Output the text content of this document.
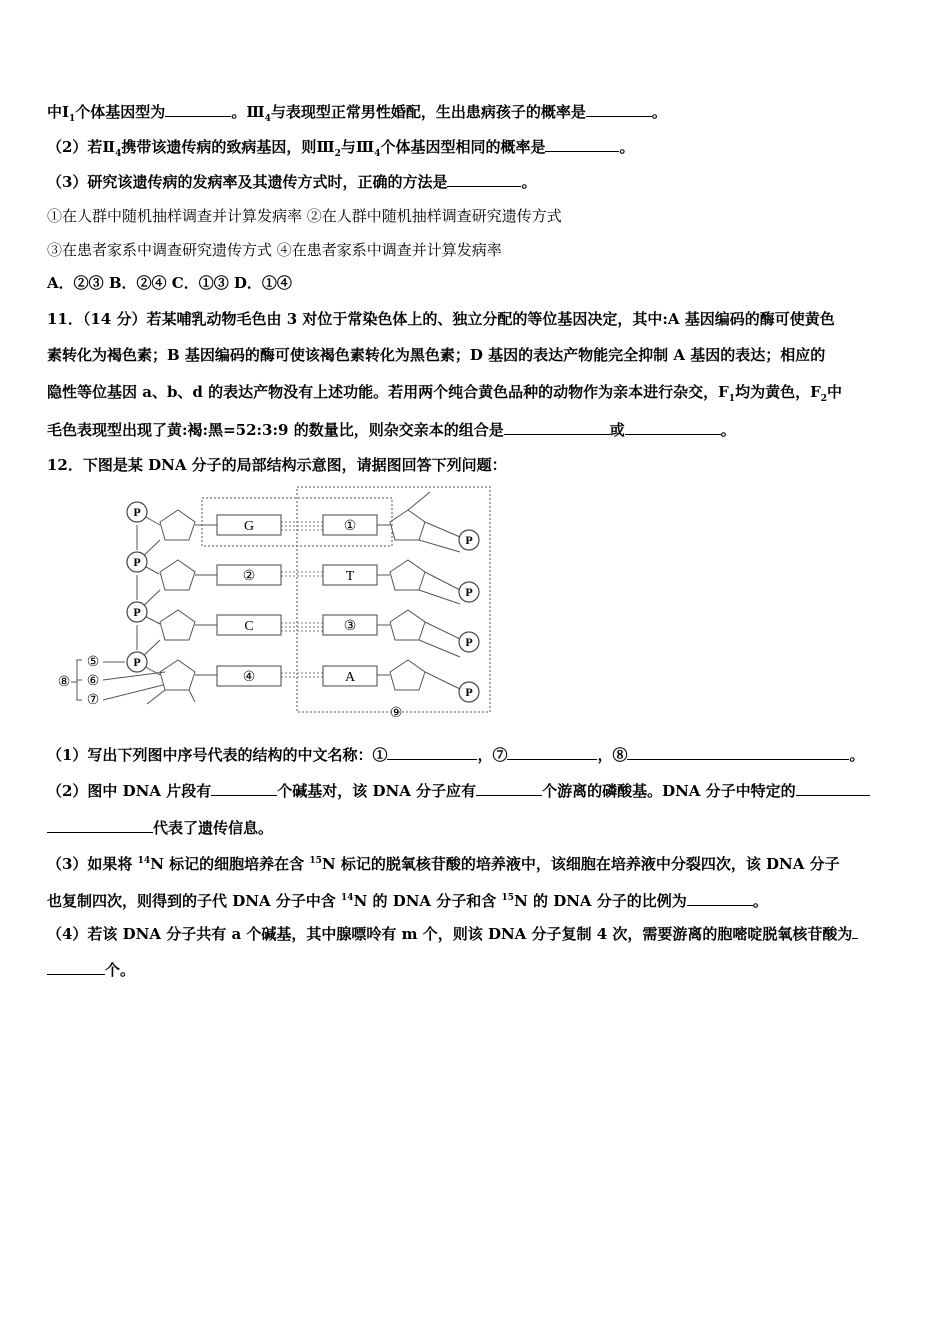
中$Ⅰ_1$个体基因型为	。$Ⅲ_4$与表现型正常男性婚配，生出患病孩子的概率是	。
（2）若$Ⅱ_4$携带该遗传病的致病基因，则$Ⅲ_2$与$Ⅲ_4$个体基因型相同的概率是	。
（3）研究该遗传病的发病率及其遗传方式时，正确的方法是	。
①在人群中随机抽样调查并计算发病率 ②在人群中随机抽样调查研究遗传方式
③在患者家系中调查研究遗传方式 ④在患者家系中调查并计算发病率
A．②③ B．②④ C．①③ D．①④
11．（14 分）若某哺乳动物毛色由 3 对位于常染色体上的、独立分配的等位基因决定，其中:A 基因编码的酶可使黄色
素转化为褐色素；B 基因编码的酶可使该褐色素转化为黑色素；D 基因的表达产物能完全抑制 A 基因的表达；相应的
隐性等位基因 a、b、d 的表达产物没有上述功能。若用两个纯合黄色品种的动物作为亲本进行杂交，$F_1$均为黄色，$F_2$中
毛色表现型出现了黄:褐:黑=52:3:9 的数量比，则杂交亲本的组合是	或	。
12．下图是某 DNA 分子的局部结构示意图，请据图回答下列问题：
P
P
P
P
P
P
P
P
G
②
C
④
①
T
③
A
⑤
⑥
⑦
⑧
⑨
（1）写出下列图中序号代表的结构的中文名称：①	，⑦	，⑧	。
（2）图中 DNA 片段有	个碱基对，该 DNA 分子应有	个游离的磷酸基。DNA 分子中特定的
代表了遗传信息。
（3）如果将 $^{14}$N 标记的细胞培养在含 $^{15}$N 标记的脱氧核苷酸的培养液中，该细胞在培养液中分裂四次，该 DNA 分子
也复制四次，则得到的子代 DNA 分子中含 $^{14}$N 的 DNA 分子和含 $^{15}$N 的 DNA 分子的比例为	。
（4）若该 DNA 分子共有 a 个碱基，其中腺嘌呤有 m 个，则该 DNA 分子复制 4 次，需要游离的胞嘧啶脱氧核苷酸为
个。
